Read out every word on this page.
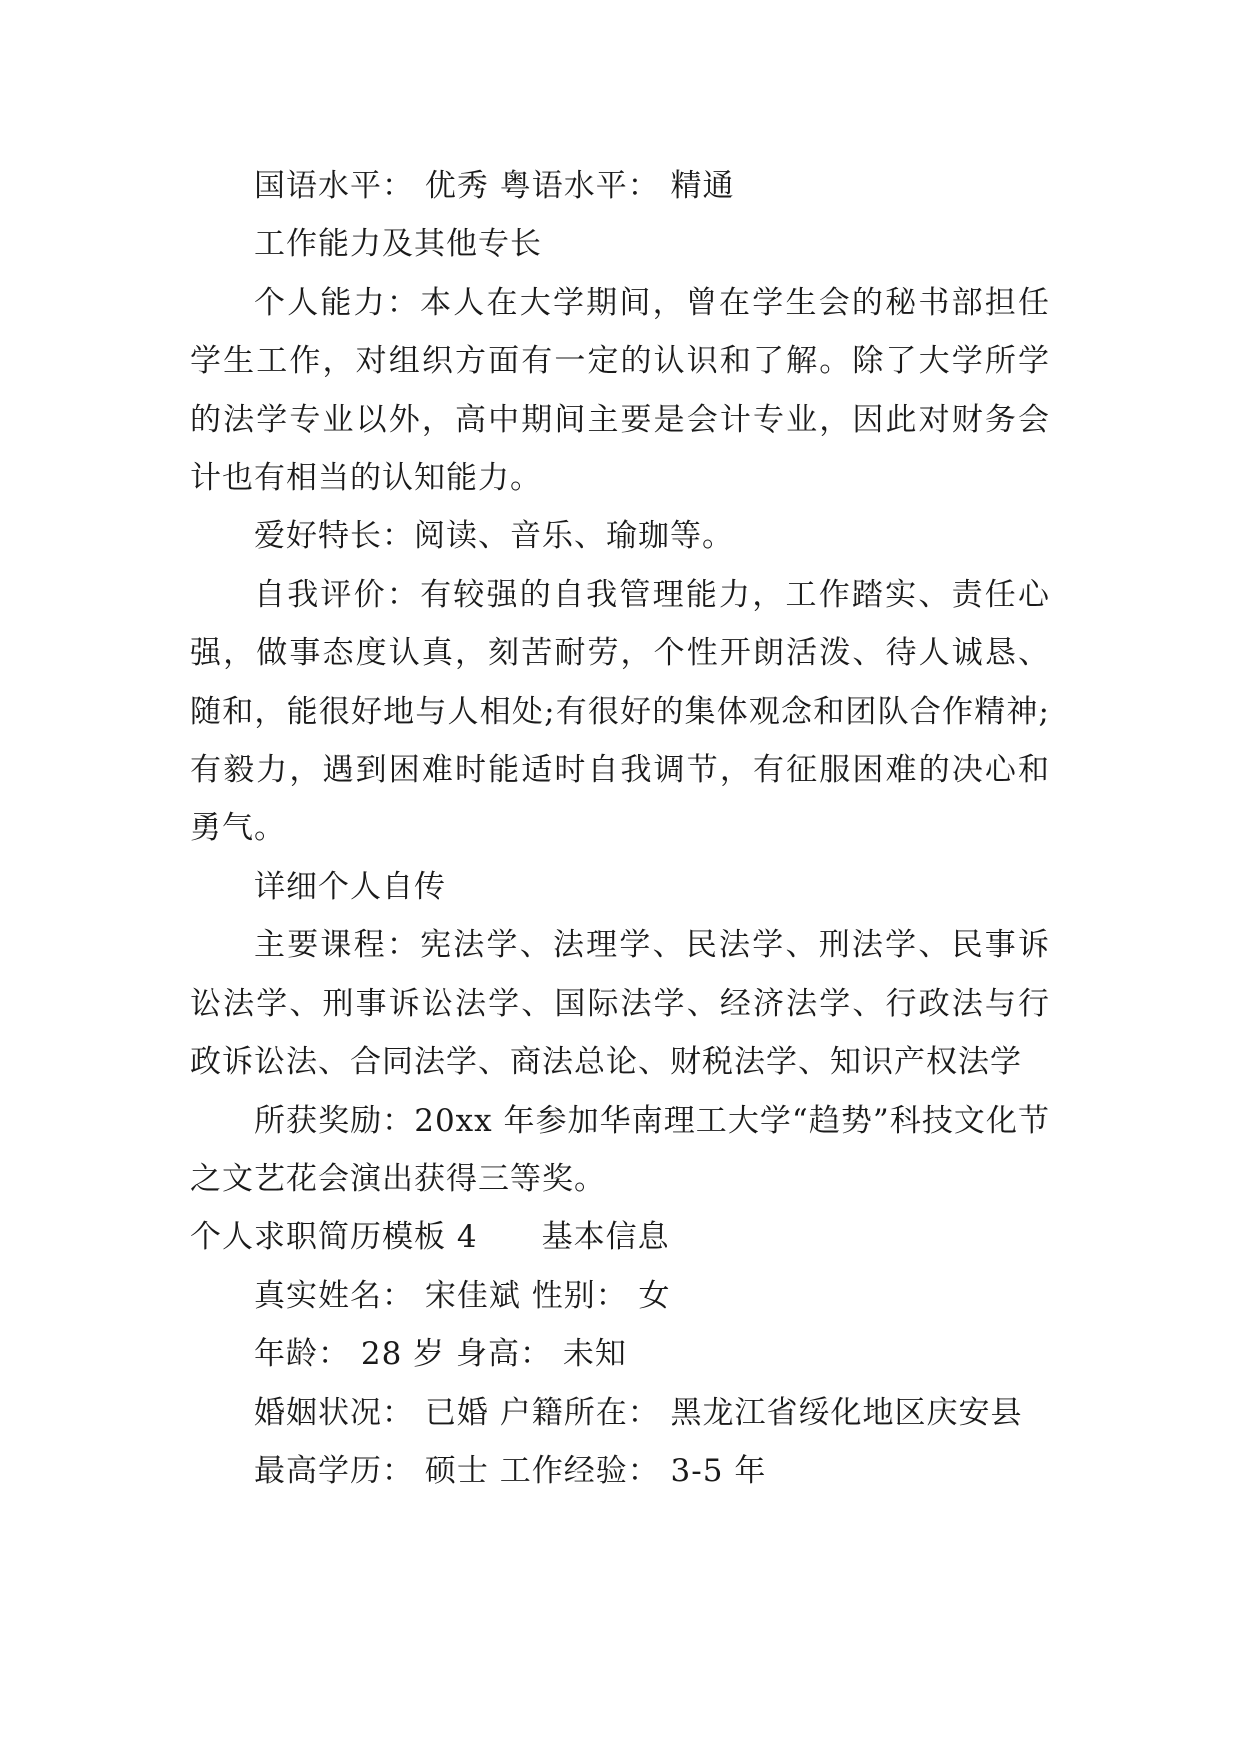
国语水平： 优秀 粤语水平： 精通

工作能力及其他专长

个人能力：本人在大学期间，曾在学生会的秘书部担任学生工作，对组织方面有一定的认识和了解。除了大学所学的法学专业以外，高中期间主要是会计专业，因此对财务会计也有相当的认知能力。

爱好特长：阅读、音乐、瑜珈等。

自我评价：有较强的自我管理能力，工作踏实、责任心强，做事态度认真，刻苦耐劳，个性开朗活泼、待人诚恳、随和，能很好地与人相处;有很好的集体观念和团队合作精神;有毅力，遇到困难时能适时自我调节，有征服困难的决心和勇气。

详细个人自传

主要课程：宪法学、法理学、民法学、刑法学、民事诉讼法学、刑事诉讼法学、国际法学、经济法学、行政法与行政诉讼法、合同法学、商法总论、财税法学、知识产权法学

所获奖励：20xx 年参加华南理工大学“趋势”科技文化节之文艺花会演出获得三等奖。

个人求职简历模板 4 基本信息

真实姓名： 宋佳斌 性别： 女

年龄： 28 岁 身高： 未知

婚姻状况： 已婚 户籍所在： 黑龙江省绥化地区庆安县

最高学历： 硕士 工作经验： 3-5 年
